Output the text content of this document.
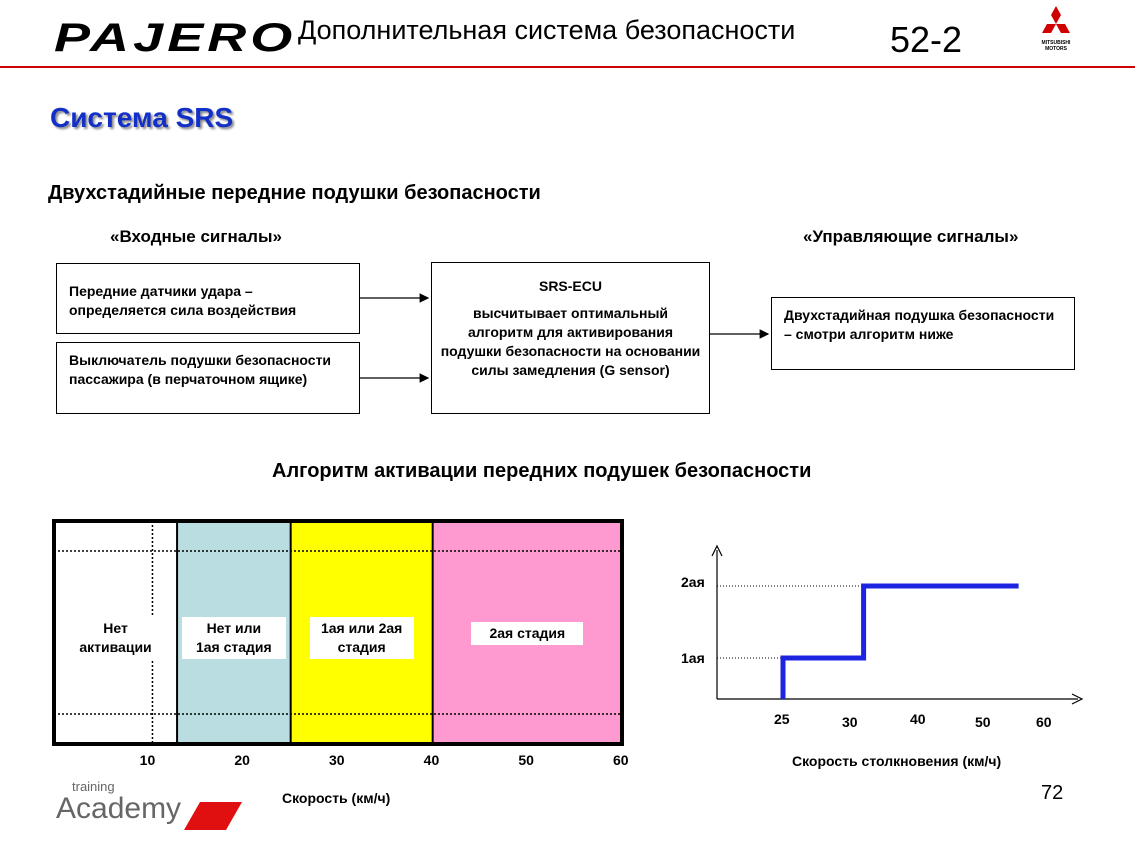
PAJERO Дополнительная система безопасности	52-2	MITSUBISHI MOTORS
Система SRS
Двухстадийные передние подушки безопасности
«Входные сигналы»	«Управляющие сигналы»
Передние датчики удара – определяется сила воздействия
Выключатель подушки безопасности пассажира (в перчаточном ящике)
SRS-ECU
высчитывает оптимальный алгоритм для активирования подушки безопасности на основании силы замедления (G sensor)
Двухстадийная подушка безопасности – смотри алгоритм ниже
Алгоритм активации передних подушек безопасности
Нет
активации
Нет или
1ая стадия
1ая или 2ая
стадия
2ая стадия
10	20	30	40	50	60
Скорость (км/ч)
25	30	40	50	60
1ая
2ая
Скорость столкновения (км/ч)
training
Academy	72
